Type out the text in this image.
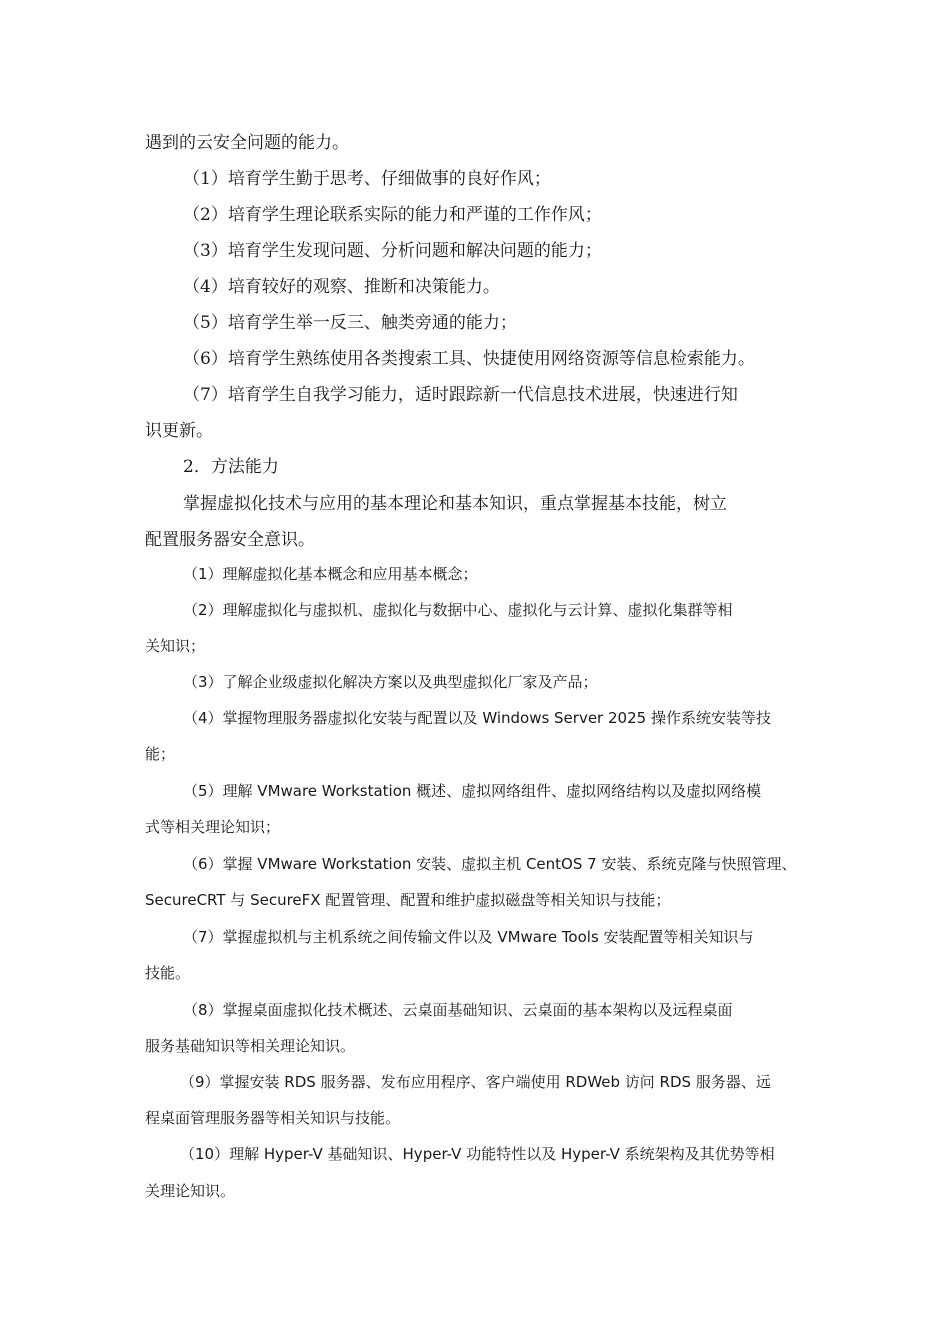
遇到的云安全问题的能力。

（1）培育学生勤于思考、仔细做事的良好作风；

（2）培育学生理论联系实际的能力和严谨的工作作风；

（3）培育学生发现问题、分析问题和解决问题的能力；

（4）培育较好的观察、推断和决策能力。

（5）培育学生举一反三、触类旁通的能力；

（6）培育学生熟练使用各类搜索工具、快捷使用网络资源等信息检索能力。

（7）培育学生自我学习能力，适时跟踪新一代信息技术进展，快速进行知

识更新。

2．方法能力

掌握虚拟化技术与应用的基本理论和基本知识，重点掌握基本技能，树立

配置服务器安全意识。

（1）理解虚拟化基本概念和应用基本概念；

（2）理解虚拟化与虚拟机、虚拟化与数据中心、虚拟化与云计算、虚拟化集群等相

关知识；

（3）了解企业级虚拟化解决方案以及典型虚拟化厂家及产品；

（4）掌握物理服务器虚拟化安装与配置以及 Windows Server 2025 操作系统安装等技

能；

（5）理解 VMware Workstation 概述、虚拟网络组件、虚拟网络结构以及虚拟网络模

式等相关理论知识；

（6）掌握 VMware Workstation 安装、虚拟主机 CentOS 7 安装、系统克隆与快照管理、

SecureCRT 与 SecureFX 配置管理、配置和维护虚拟磁盘等相关知识与技能；

（7）掌握虚拟机与主机系统之间传输文件以及 VMware Tools 安装配置等相关知识与

技能。

（8）掌握桌面虚拟化技术概述、云桌面基础知识、云桌面的基本架构以及远程桌面

服务基础知识等相关理论知识。

（9）掌握安装 RDS 服务器、发布应用程序、客户端使用 RDWeb 访问 RDS 服务器、远

程桌面管理服务器等相关知识与技能。

（10）理解 Hyper-V 基础知识、Hyper-V 功能特性以及 Hyper-V 系统架构及其优势等相

关理论知识。
